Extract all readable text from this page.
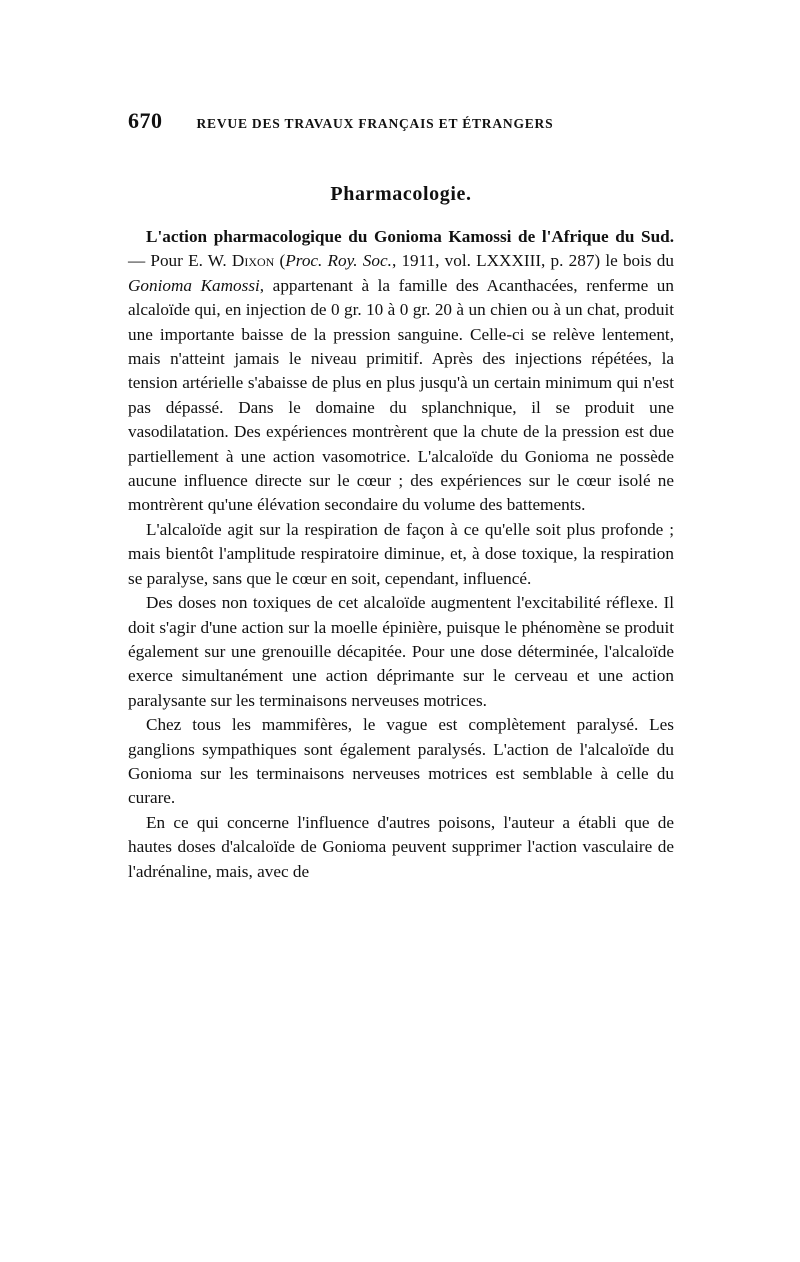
670	REVUE DES TRAVAUX FRANÇAIS ET ÉTRANGERS
Pharmacologie.

L'action pharmacologique du Gonioma Kamossi de l'Afrique du Sud. — Pour E. W. Dixon (Proc. Roy. Soc., 1911, vol. LXXXIII, p. 287) le bois du Gonioma Kamossi, appartenant à la famille des Acanthacées, renferme un alcaloïde qui, en injection de 0 gr. 10 à 0 gr. 20 à un chien ou à un chat, produit une importante baisse de la pression sanguine. Celle-ci se relève lentement, mais n'atteint jamais le niveau primitif. Après des injections répétées, la tension artérielle s'abaisse de plus en plus jusqu'à un certain minimum qui n'est pas dépassé. Dans le domaine du splanchnique, il se produit une vasodilatation. Des expériences montrèrent que la chute de la pression est due partiellement à une action vasomotrice. L'alcaloïde du Gonioma ne possède aucune influence directe sur le cœur ; des expériences sur le cœur isolé ne montrèrent qu'une élévation secondaire du volume des battements.

L'alcaloïde agit sur la respiration de façon à ce qu'elle soit plus profonde ; mais bientôt l'amplitude respiratoire diminue, et, à dose toxique, la respiration se paralyse, sans que le cœur en soit, cependant, influencé.

Des doses non toxiques de cet alcaloïde augmentent l'excitabilité réflexe. Il doit s'agir d'une action sur la moelle épinière, puisque le phénomène se produit également sur une grenouille décapitée. Pour une dose déterminée, l'alcaloïde exerce simultanément une action déprimante sur le cerveau et une action paralysante sur les terminaisons nerveuses motrices.

Chez tous les mammifères, le vague est complètement paralysé. Les ganglions sympathiques sont également paralysés. L'action de l'alcaloïde du Gonioma sur les terminaisons nerveuses motrices est semblable à celle du curare.

En ce qui concerne l'influence d'autres poisons, l'auteur a établi que de hautes doses d'alcaloïde de Gonioma peuvent supprimer l'action vasculaire de l'adrénaline, mais, avec de
